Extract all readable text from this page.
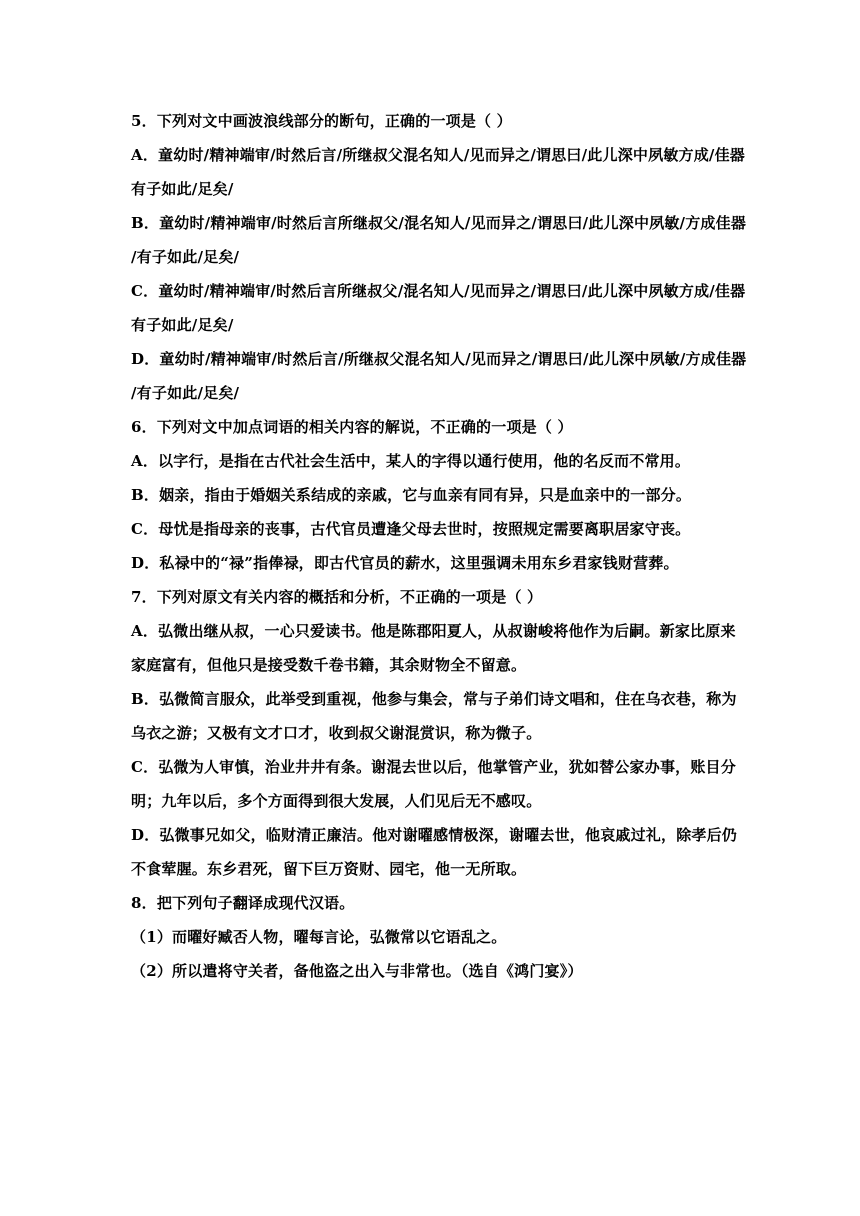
5．下列对文中画波浪线部分的断句，正确的一项是（ ）
A．童幼时/精神端审/时然后言/所继叔父混名知人/见而异之/谓思曰/此儿深中夙敏方成/佳器
有子如此/足矣/
B．童幼时/精神端审/时然后言所继叔父/混名知人/见而异之/谓思曰/此儿深中夙敏/方成佳器
/有子如此/足矣/
C．童幼时/精神端审/时然后言所继叔父/混名知人/见而异之/谓思曰/此儿深中夙敏方成/佳器
有子如此/足矣/
D．童幼时/精神端审/时然后言/所继叔父混名知人/见而异之/谓思曰/此儿深中夙敏/方成佳器
/有子如此/足矣/
6．下列对文中加点词语的相关内容的解说，不正确的一项是（ ）
A．以字行，是指在古代社会生活中，某人的字得以通行使用，他的名反而不常用。
B．姻亲，指由于婚姻关系结成的亲戚，它与血亲有同有异，只是血亲中的一部分。
C．母忧是指母亲的丧事，古代官员遭逢父母去世时，按照规定需要离职居家守丧。
D．私禄中的“禄”指俸禄，即古代官员的薪水，这里强调未用东乡君家钱财营葬。
7．下列对原文有关内容的概括和分析，不正确的一项是（ ）
A．弘微出继从叔，一心只爱读书。他是陈郡阳夏人，从叔谢峻将他作为后嗣。新家比原来
家庭富有，但他只是接受数千卷书籍，其余财物全不留意。
B．弘微简言服众，此举受到重视，他参与集会，常与子弟们诗文唱和，住在乌衣巷，称为
乌衣之游；又极有文才口才，收到叔父谢混赏识，称为微子。
C．弘微为人审慎，治业井井有条。谢混去世以后，他掌管产业，犹如替公家办事，账目分
明；九年以后，多个方面得到很大发展，人们见后无不感叹。
D．弘微事兄如父，临财清正廉洁。他对谢曜感情极深，谢曜去世，他哀戚过礼，除孝后仍
不食荤腥。东乡君死，留下巨万资财、园宅，他一无所取。
8．把下列句子翻译成现代汉语。
（1）而曜好臧否人物，曜每言论，弘微常以它语乱之。
（2）所以遣将守关者，备他盗之出入与非常也。（选自《鸿门宴》）
